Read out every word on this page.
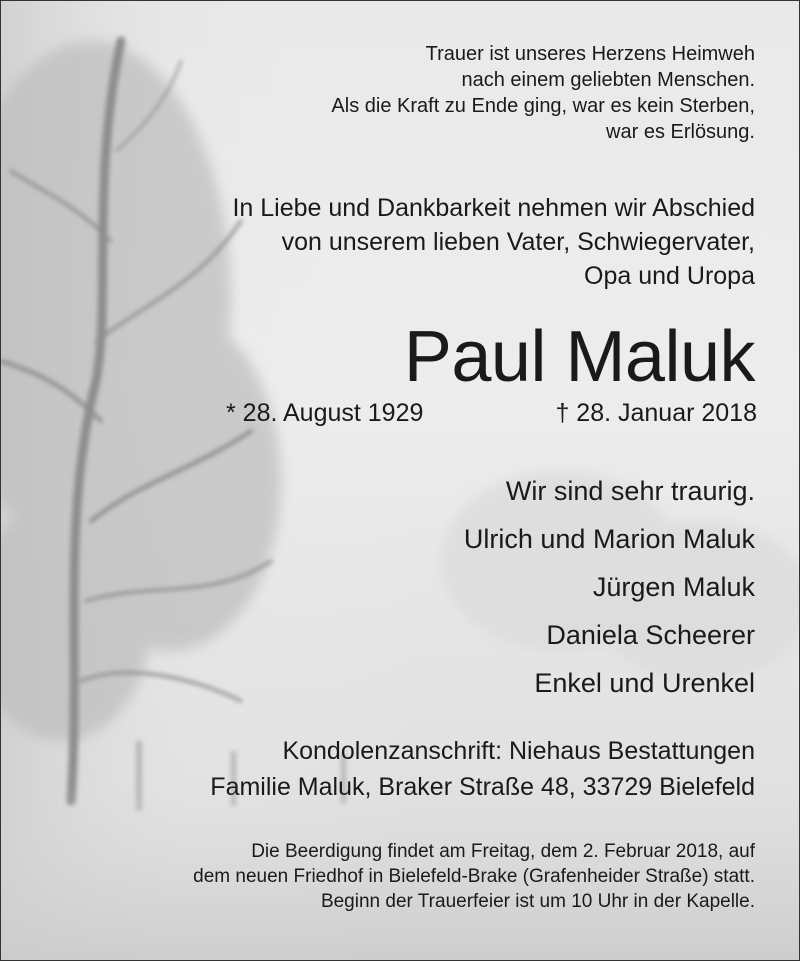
Trauer ist unseres Herzens Heimweh
nach einem geliebten Menschen.
Als die Kraft zu Ende ging, war es kein Sterben,
war es Erlösung.
In Liebe und Dankbarkeit nehmen wir Abschied
von unserem lieben Vater, Schwiegervater,
Opa und Uropa
Paul Maluk
* 28. August 1929	† 28. Januar 2018
Wir sind sehr traurig.
Ulrich und Marion Maluk
Jürgen Maluk
Daniela Scheerer
Enkel und Urenkel
Kondolenzanschrift: Niehaus Bestattungen
Familie Maluk, Braker Straße 48, 33729 Bielefeld
Die Beerdigung findet am Freitag, dem 2. Februar 2018, auf
dem neuen Friedhof in Bielefeld-Brake (Grafenheider Straße) statt.
Beginn der Trauerfeier ist um 10 Uhr in der Kapelle.
